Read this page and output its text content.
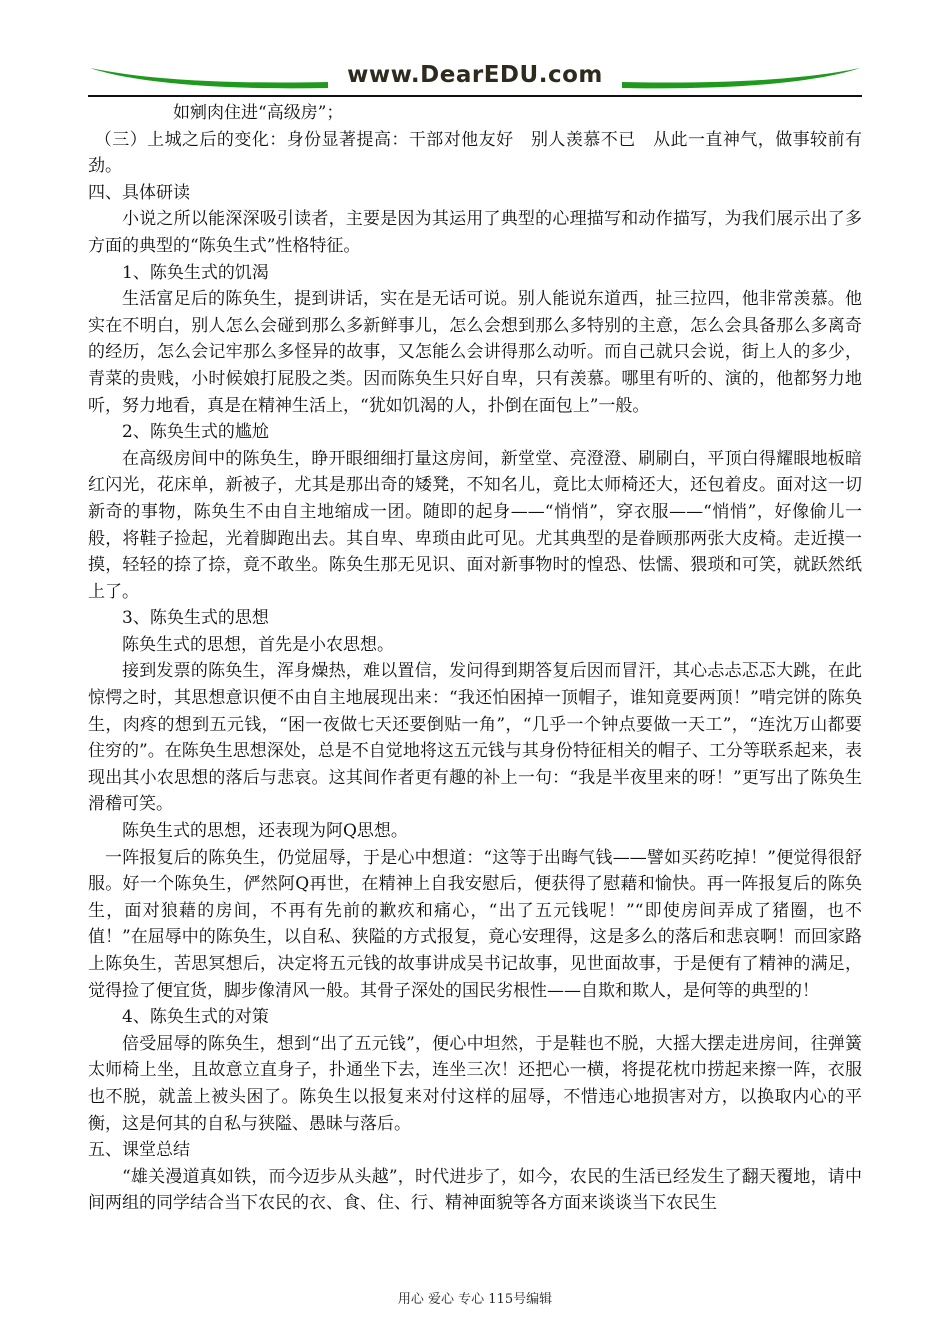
www.DearEDU.com

如剜肉住进“高级房”；

（三）上城之后的变化：身份显著提高：干部对他友好　别人羡慕不已　从此一直神气，做事较前有劲。

四、具体研读

小说之所以能深深吸引读者，主要是因为其运用了典型的心理描写和动作描写，为我们展示出了多方面的典型的“陈奂生式”性格特征。

1、陈奂生式的饥渴

生活富足后的陈奂生，提到讲话，实在是无话可说。别人能说东道西，扯三拉四，他非常羡慕。他实在不明白，别人怎么会碰到那么多新鲜事儿，怎么会想到那么多特别的主意，怎么会具备那么多离奇的经历，怎么会记牢那么多怪异的故事，又怎能么会讲得那么动听。而自己就只会说，街上人的多少，青菜的贵贱，小时候娘打屁股之类。因而陈奂生只好自卑，只有羡慕。哪里有听的、演的，他都努力地听，努力地看，真是在精神生活上，“犹如饥渴的人，扑倒在面包上”一般。

2、陈奂生式的尴尬

在高级房间中的陈奂生，睁开眼细细打量这房间，新堂堂、亮澄澄、刷刷白，平顶白得耀眼地板暗红闪光，花床单，新被子，尤其是那出奇的矮凳，不知名儿，竟比太师椅还大，还包着皮。面对这一切新奇的事物，陈奂生不由自主地缩成一团。随即的起身——“悄悄”，穿衣服——“悄悄”，好像偷儿一般，将鞋子捡起，光着脚跑出去。其自卑、卑琐由此可见。尤其典型的是眷顾那两张大皮椅。走近摸一摸，轻轻的捺了捺，竟不敢坐。陈奂生那无见识、面对新事物时的惶恐、怯懦、猥琐和可笑，就跃然纸上了。

3、陈奂生式的思想

陈奂生式的思想，首先是小农思想。

接到发票的陈奂生，浑身燥热，难以置信，发问得到期答复后因而冒汗，其心忐忐忑忑大跳，在此惊愕之时，其思想意识便不由自主地展现出来：“我还怕困掉一顶帽子，谁知竟要两顶！”啃完饼的陈奂生，肉疼的想到五元钱，“困一夜做七天还要倒贴一角”，“几乎一个钟点要做一天工”，“连沈万山都要住穷的”。在陈奂生思想深处，总是不自觉地将这五元钱与其身份特征相关的帽子、工分等联系起来，表现出其小农思想的落后与悲哀。这其间作者更有趣的补上一句：“我是半夜里来的呀！”更写出了陈奂生滑稽可笑。

陈奂生式的思想，还表现为阿Q思想。

一阵报复后的陈奂生，仍觉屈辱，于是心中想道：“这等于出晦气钱——譬如买药吃掉！”便觉得很舒服。好一个陈奂生，俨然阿Q再世，在精神上自我安慰后，便获得了慰藉和愉快。再一阵报复后的陈奂生，面对狼藉的房间，不再有先前的歉疚和痛心，“出了五元钱呢！”“即使房间弄成了猪圈，也不值！”在屈辱中的陈奂生，以自私、狭隘的方式报复，竟心安理得，这是多么的落后和悲哀啊！而回家路上陈奂生，苦思冥想后，决定将五元钱的故事讲成吴书记故事，见世面故事，于是便有了精神的满足，觉得捡了便宜货，脚步像清风一般。其骨子深处的国民劣根性——自欺和欺人，是何等的典型的！

4、陈奂生式的对策

倍受屈辱的陈奂生，想到“出了五元钱”，便心中坦然，于是鞋也不脱，大摇大摆走进房间，往弹簧太师椅上坐，且故意立直身子，扑通坐下去，连坐三次！还把心一横，将提花枕巾捞起来擦一阵，衣服也不脱，就盖上被头困了。陈奂生以报复来对付这样的屈辱，不惜违心地损害对方，以换取内心的平衡，这是何其的自私与狭隘、愚昧与落后。

五、课堂总结

“雄关漫道真如铁，而今迈步从头越”，时代进步了，如今，农民的生活已经发生了翻天覆地，请中间两组的同学结合当下农民的衣、食、住、行、精神面貌等各方面来谈谈当下农民生

用心 爱心 专心 115号编辑
